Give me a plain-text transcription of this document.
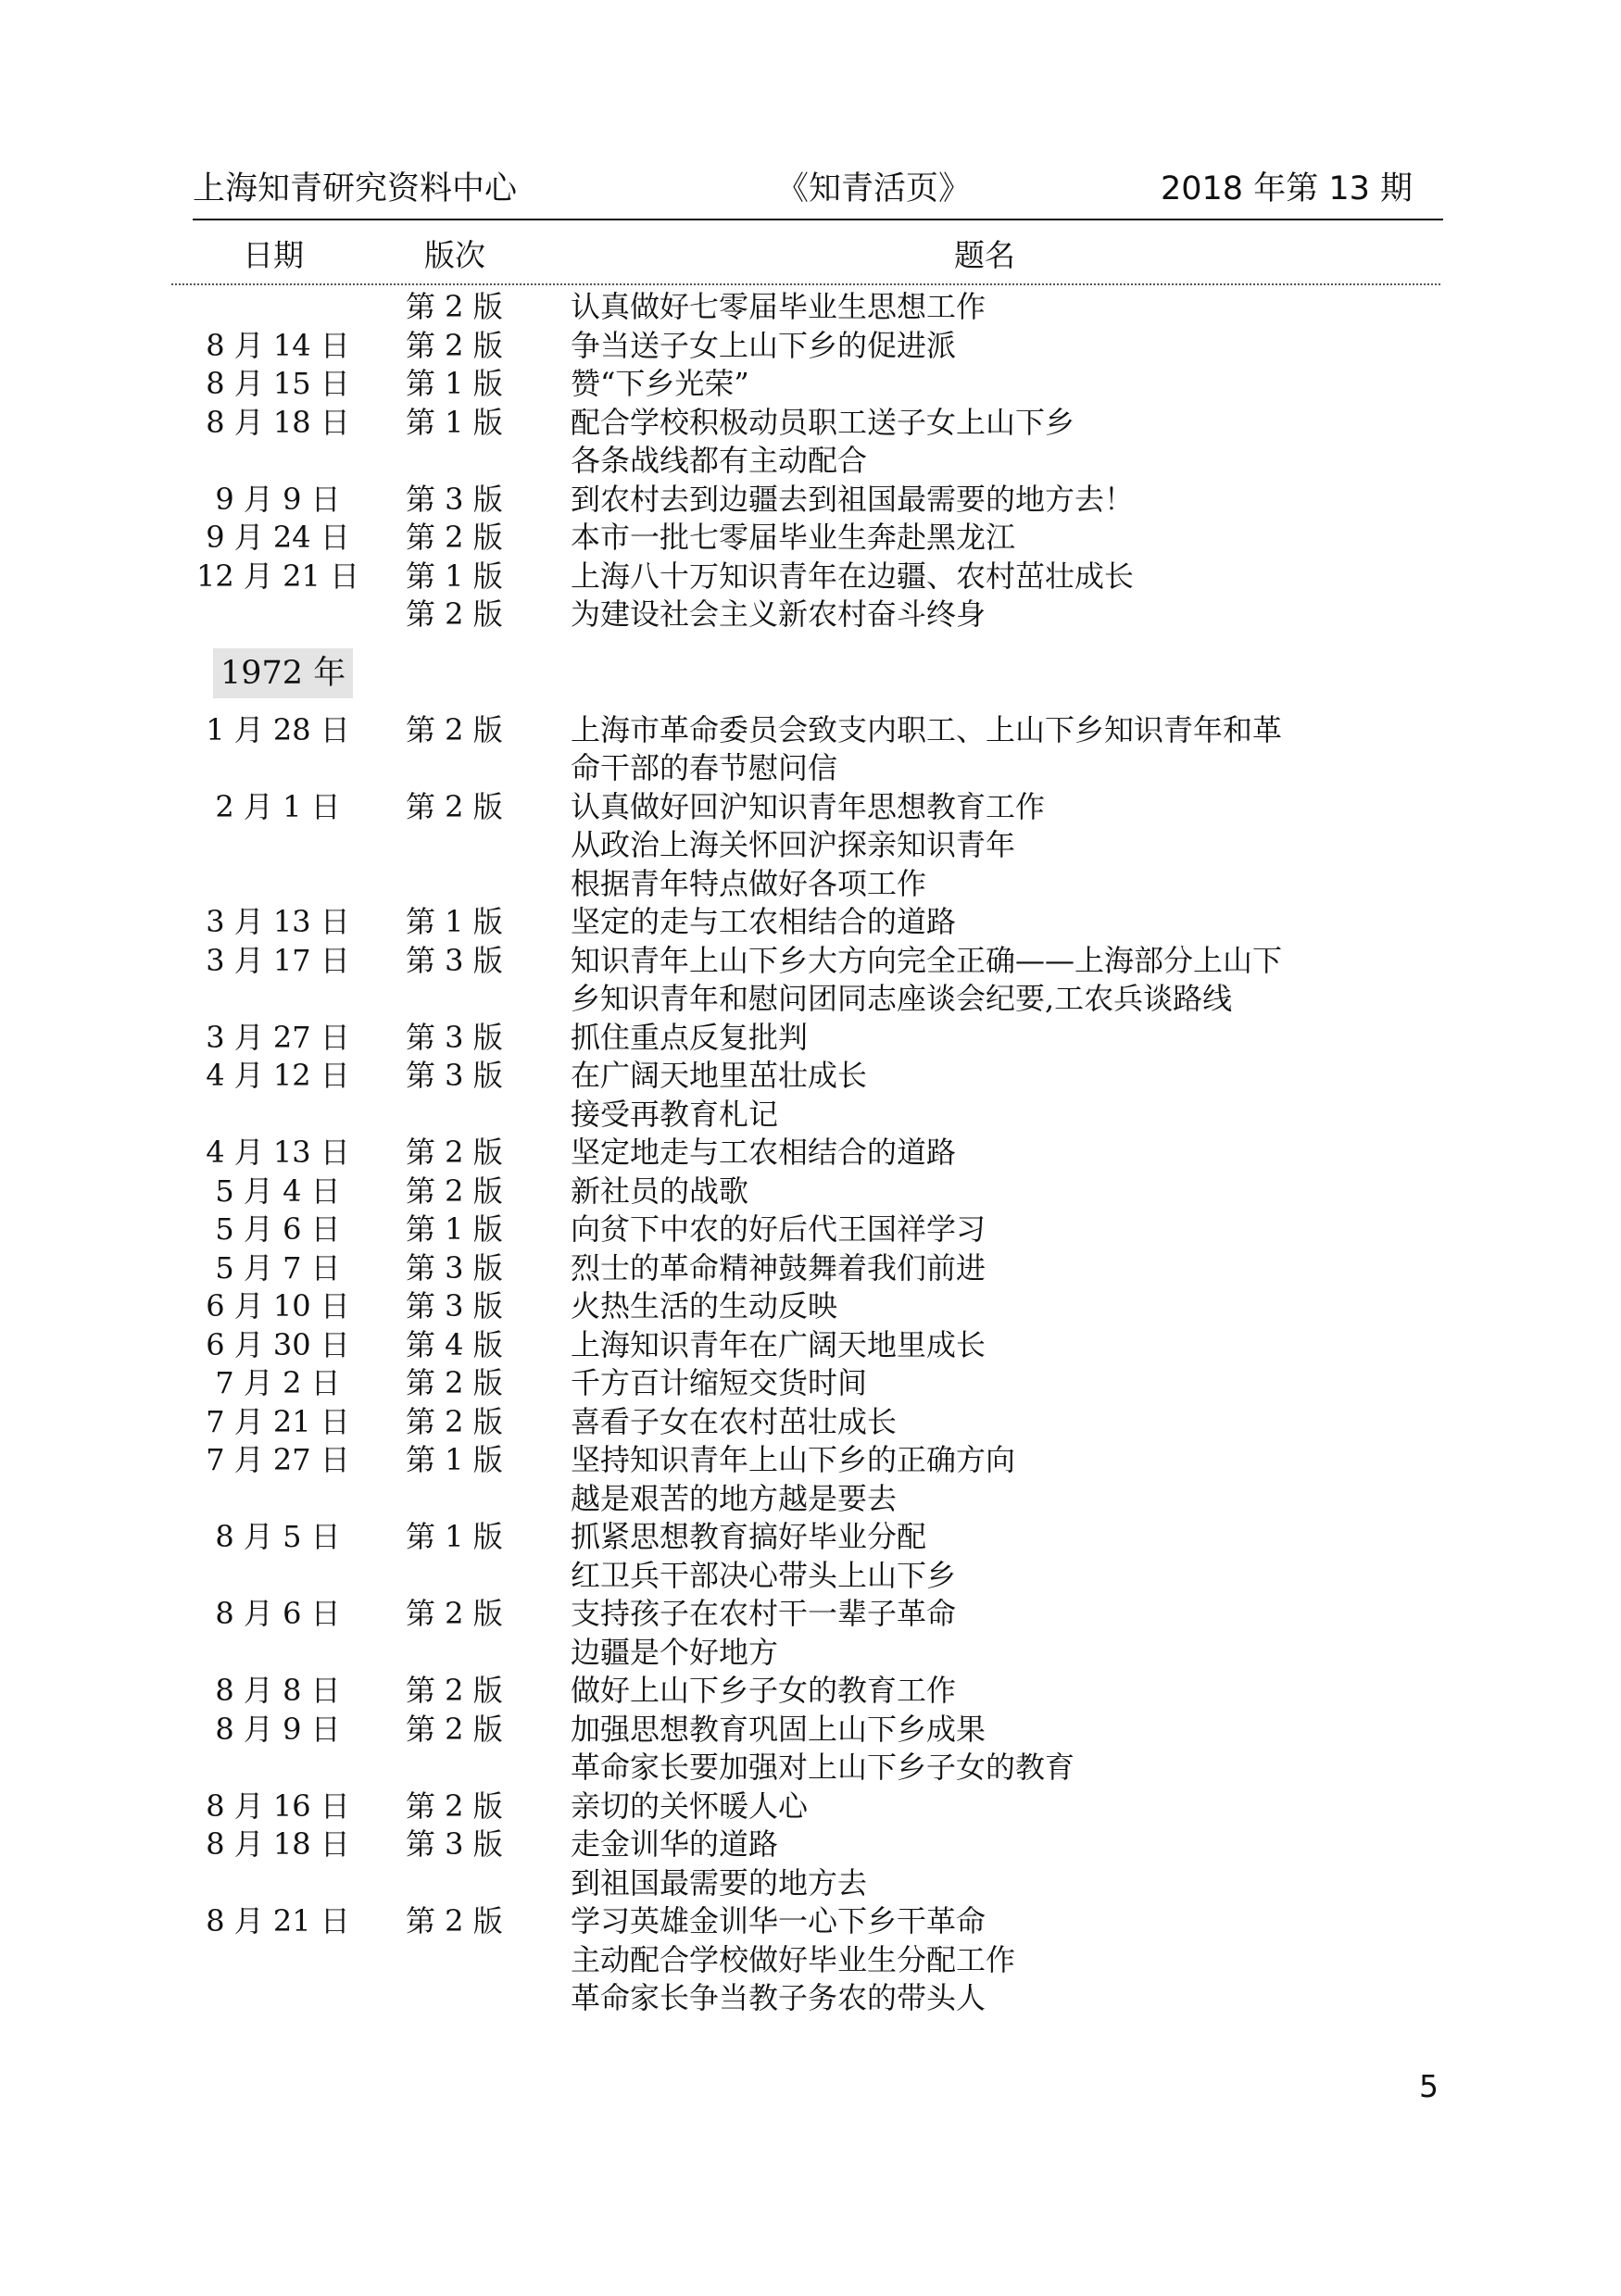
上海知青研究资料中心	《知青活页》	2018 年第 13 期
日期	版次	题名
1972 年
第 2 版	认真做好七零届毕业生思想工作
8 月 14 日	第 2 版	争当送子女上山下乡的促进派
8 月 15 日	第 1 版	赞“下乡光荣”
8 月 18 日	第 1 版	配合学校积极动员职工送子女上山下乡
各条战线都有主动配合
9 月 9 日	第 3 版	到农村去到边疆去到祖国最需要的地方去！
9 月 24 日	第 2 版	本市一批七零届毕业生奔赴黑龙江
12 月 21 日 第 1 版	上海八十万知识青年在边疆、农村茁壮成长
第 2 版	为建设社会主义新农村奋斗终身
1 月 28 日	第 2 版	上海市革命委员会致支内职工、上山下乡知识青年和革
命干部的春节慰问信
2 月 1 日	第 2 版	认真做好回沪知识青年思想教育工作
从政治上海关怀回沪探亲知识青年
根据青年特点做好各项工作
3 月 13 日	第 1 版	坚定的走与工农相结合的道路
3 月 17 日	第 3 版	知识青年上山下乡大方向完全正确——上海部分上山下
乡知识青年和慰问团同志座谈会纪要,工农兵谈路线
3 月 27 日	第 3 版	抓住重点反复批判
4 月 12 日	第 3 版	在广阔天地里茁壮成长
接受再教育札记
4 月 13 日	第 2 版	坚定地走与工农相结合的道路
5 月 4 日	第 2 版	新社员的战歌
5 月 6 日	第 1 版	向贫下中农的好后代王国祥学习
5 月 7 日	第 3 版	烈士的革命精神鼓舞着我们前进
6 月 10 日	第 3 版	火热生活的生动反映
6 月 30 日	第 4 版	上海知识青年在广阔天地里成长
7 月 2 日	第 2 版	千方百计缩短交货时间
7 月 21 日	第 2 版	喜看子女在农村茁壮成长
7 月 27 日	第 1 版	坚持知识青年上山下乡的正确方向
越是艰苦的地方越是要去
8 月 5 日	第 1 版	抓紧思想教育搞好毕业分配
红卫兵干部决心带头上山下乡
8 月 6 日	第 2 版	支持孩子在农村干一辈子革命
边疆是个好地方
8 月 8 日	第 2 版	做好上山下乡子女的教育工作
8 月 9 日	第 2 版	加强思想教育巩固上山下乡成果
革命家长要加强对上山下乡子女的教育
8 月 16 日	第 2 版	亲切的关怀暖人心
8 月 18 日	第 3 版	走金训华的道路
到祖国最需要的地方去
8 月 21 日	第 2 版	学习英雄金训华一心下乡干革命
主动配合学校做好毕业生分配工作
革命家长争当教子务农的带头人
5
